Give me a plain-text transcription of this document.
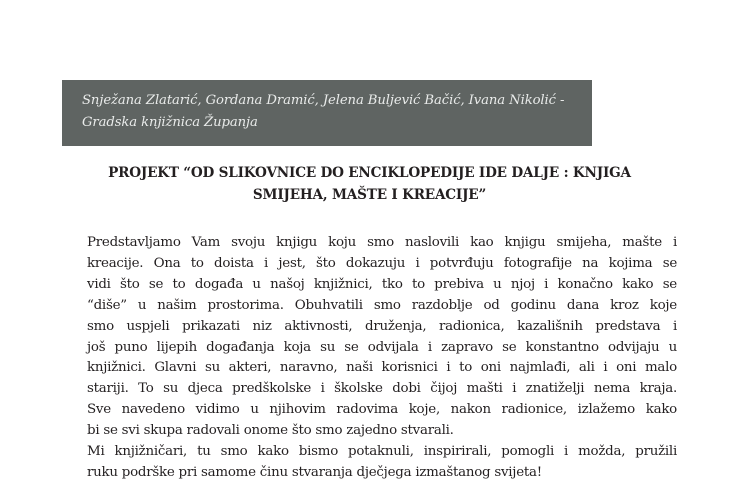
Snježana Zlatarić, Gordana Dramić, Jelena Buljević Bačić, Ivana Nikolić -
Gradska knjižnica Županja
PROJEKT “OD SLIKOVNICE DO ENCIKLOPEDIJE IDE DALJE : KNJIGA
SMIJEHA, MAŠTE I KREACIJE”
Predstavljamo Vam svoju knjigu koju smo naslovili kao knjigu smijeha, mašte i
kreacije. Ona to doista i jest, što dokazuju i potvrđuju fotografije na kojima se
vidi što se to događa u našoj knjižnici, tko to prebiva u njoj i konačno kako se
“diše” u našim prostorima. Obuhvatili smo razdoblje od godinu dana kroz koje
smo uspjeli prikazati niz aktivnosti, druženja, radionica, kazališnih predstava i
još puno lijepih događanja koja su se odvijala i zapravo se konstantno odvijaju u
knjižnici. Glavni su akteri, naravno, naši korisnici i to oni najmlađi, ali i oni malo
stariji. To su djeca predškolske i školske dobi čijoj mašti i znatiželji nema kraja.
Sve navedeno vidimo u njihovim radovima koje, nakon radionice, izlažemo kako
bi se svi skupa radovali onome što smo zajedno stvarali.
Mi knjižničari, tu smo kako bismo potaknuli, inspirirali, pomogli i možda, pružili
ruku podrške pri samome činu stvaranja dječjega izmaštanog svijeta!
